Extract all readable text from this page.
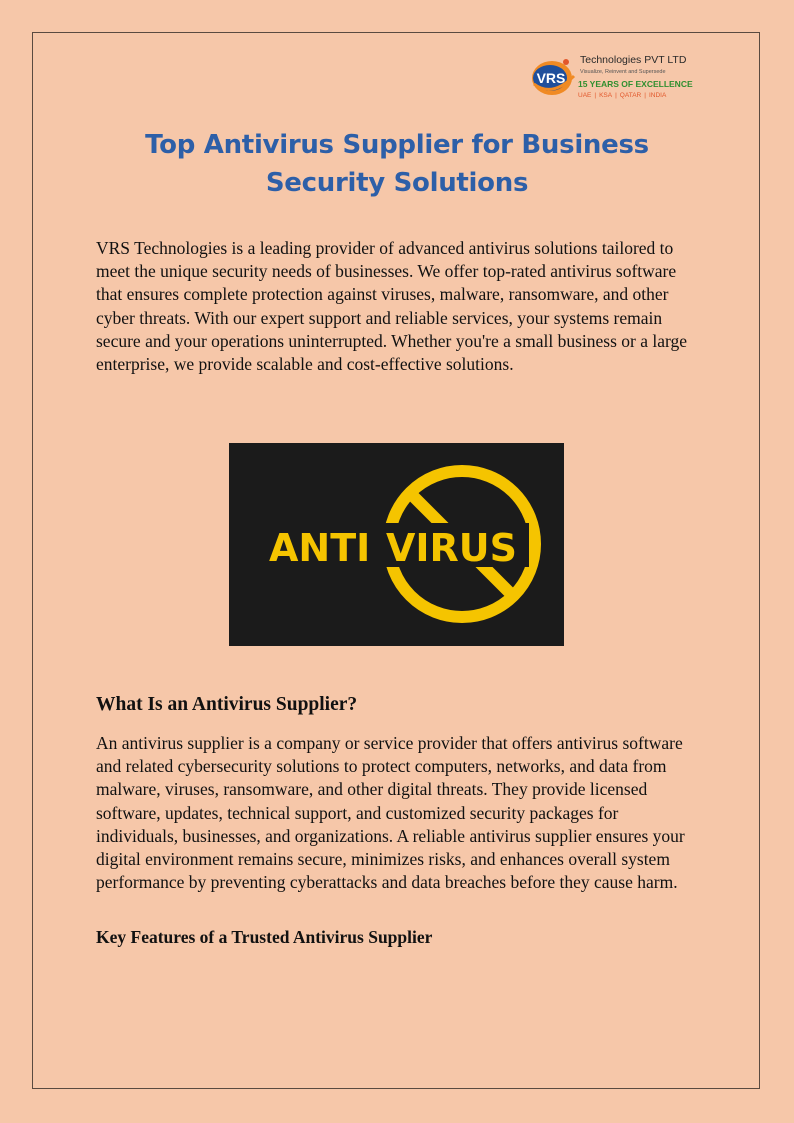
VRS
Technologies PVT LTD
Visualize, Reinvent and Supersede
15 YEARS OF EXCELLENCE
UAE | KSA | QATAR | INDIA
Top Antivirus Supplier for Business
Security Solutions

VRS Technologies is a leading provider of advanced antivirus solutions tailored to meet the unique security needs of businesses. We offer top-rated antivirus software that ensures complete protection against viruses, malware, ransomware, and other cyber threats. With our expert support and reliable services, your systems remain secure and your operations uninterrupted. Whether you're a small business or a large enterprise, we provide scalable and cost-effective solutions.

ANTI VIRUS
What Is an Antivirus Supplier?

An antivirus supplier is a company or service provider that offers antivirus software and related cybersecurity solutions to protect computers, networks, and data from malware, viruses, ransomware, and other digital threats. They provide licensed software, updates, technical support, and customized security packages for individuals, businesses, and organizations. A reliable antivirus supplier ensures your digital environment remains secure, minimizes risks, and enhances overall system performance by preventing cyberattacks and data breaches before they cause harm.

Key Features of a Trusted Antivirus Supplier
